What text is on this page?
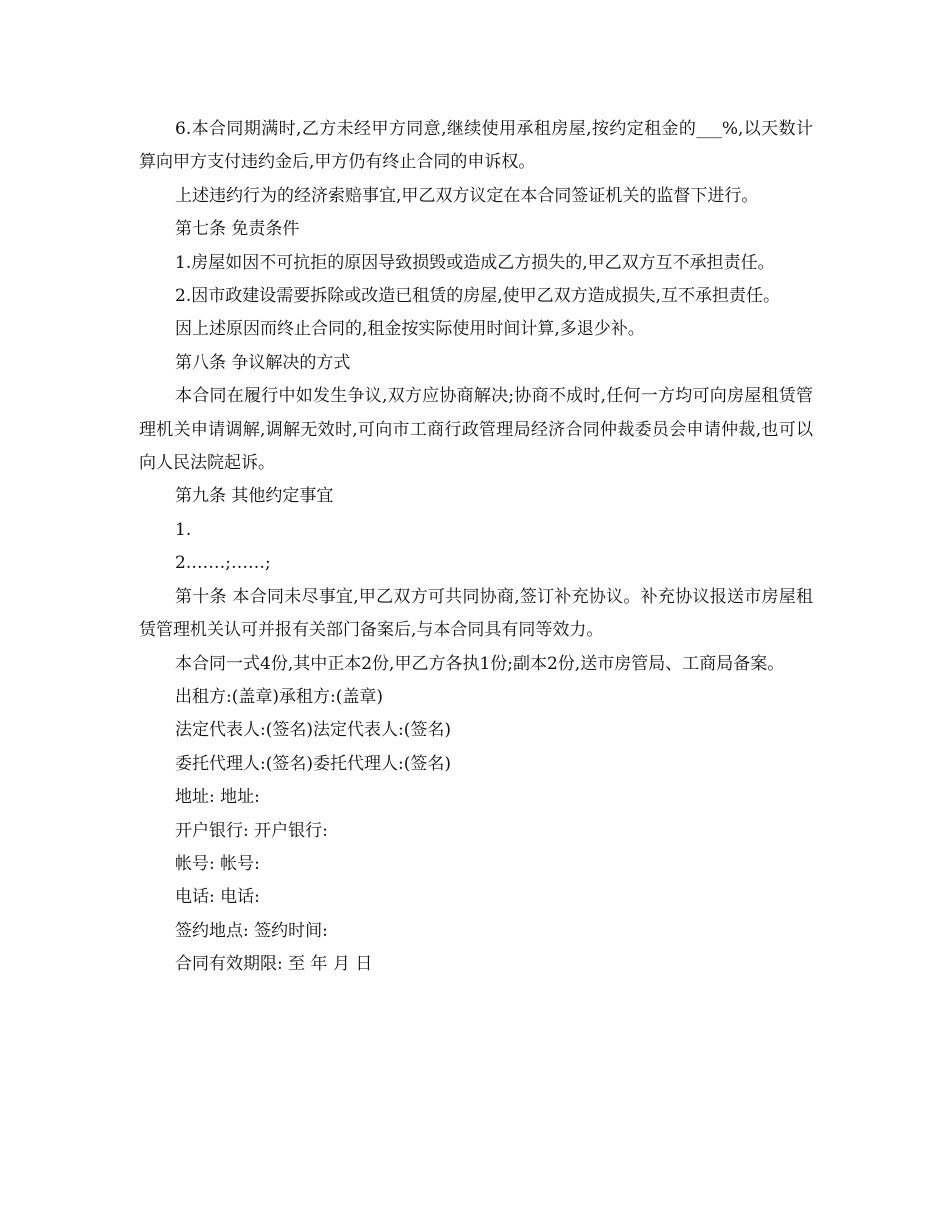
6.本合同期满时,乙方未经甲方同意,继续使用承租房屋,按约定租金的___%,以天数计算向甲方支付违约金后,甲方仍有终止合同的申诉权。

上述违约行为的经济索赔事宜,甲乙双方议定在本合同签证机关的监督下进行。

第七条 免责条件

1.房屋如因不可抗拒的原因导致损毁或造成乙方损失的,甲乙双方互不承担责任。

2.因市政建设需要拆除或改造已租赁的房屋,使甲乙双方造成损失,互不承担责任。

因上述原因而终止合同的,租金按实际使用时间计算,多退少补。

第八条 争议解决的方式

本合同在履行中如发生争议,双方应协商解决;协商不成时,任何一方均可向房屋租赁管理机关申请调解,调解无效时,可向市工商行政管理局经济合同仲裁委员会申请仲裁,也可以向人民法院起诉。

第九条 其他约定事宜

1.

2.……;……;

第十条 本合同未尽事宜,甲乙双方可共同协商,签订补充协议。补充协议报送市房屋租赁管理机关认可并报有关部门备案后,与本合同具有同等效力。

本合同一式4份,其中正本2份,甲乙方各执1份;副本2份,送市房管局、工商局备案。

出租方:(盖章)承租方:(盖章)

法定代表人:(签名)法定代表人:(签名)

委托代理人:(签名)委托代理人:(签名)

地址: 地址:

开户银行: 开户银行:

帐号: 帐号:

电话: 电话:

签约地点: 签约时间:

合同有效期限: 至 年 月 日
